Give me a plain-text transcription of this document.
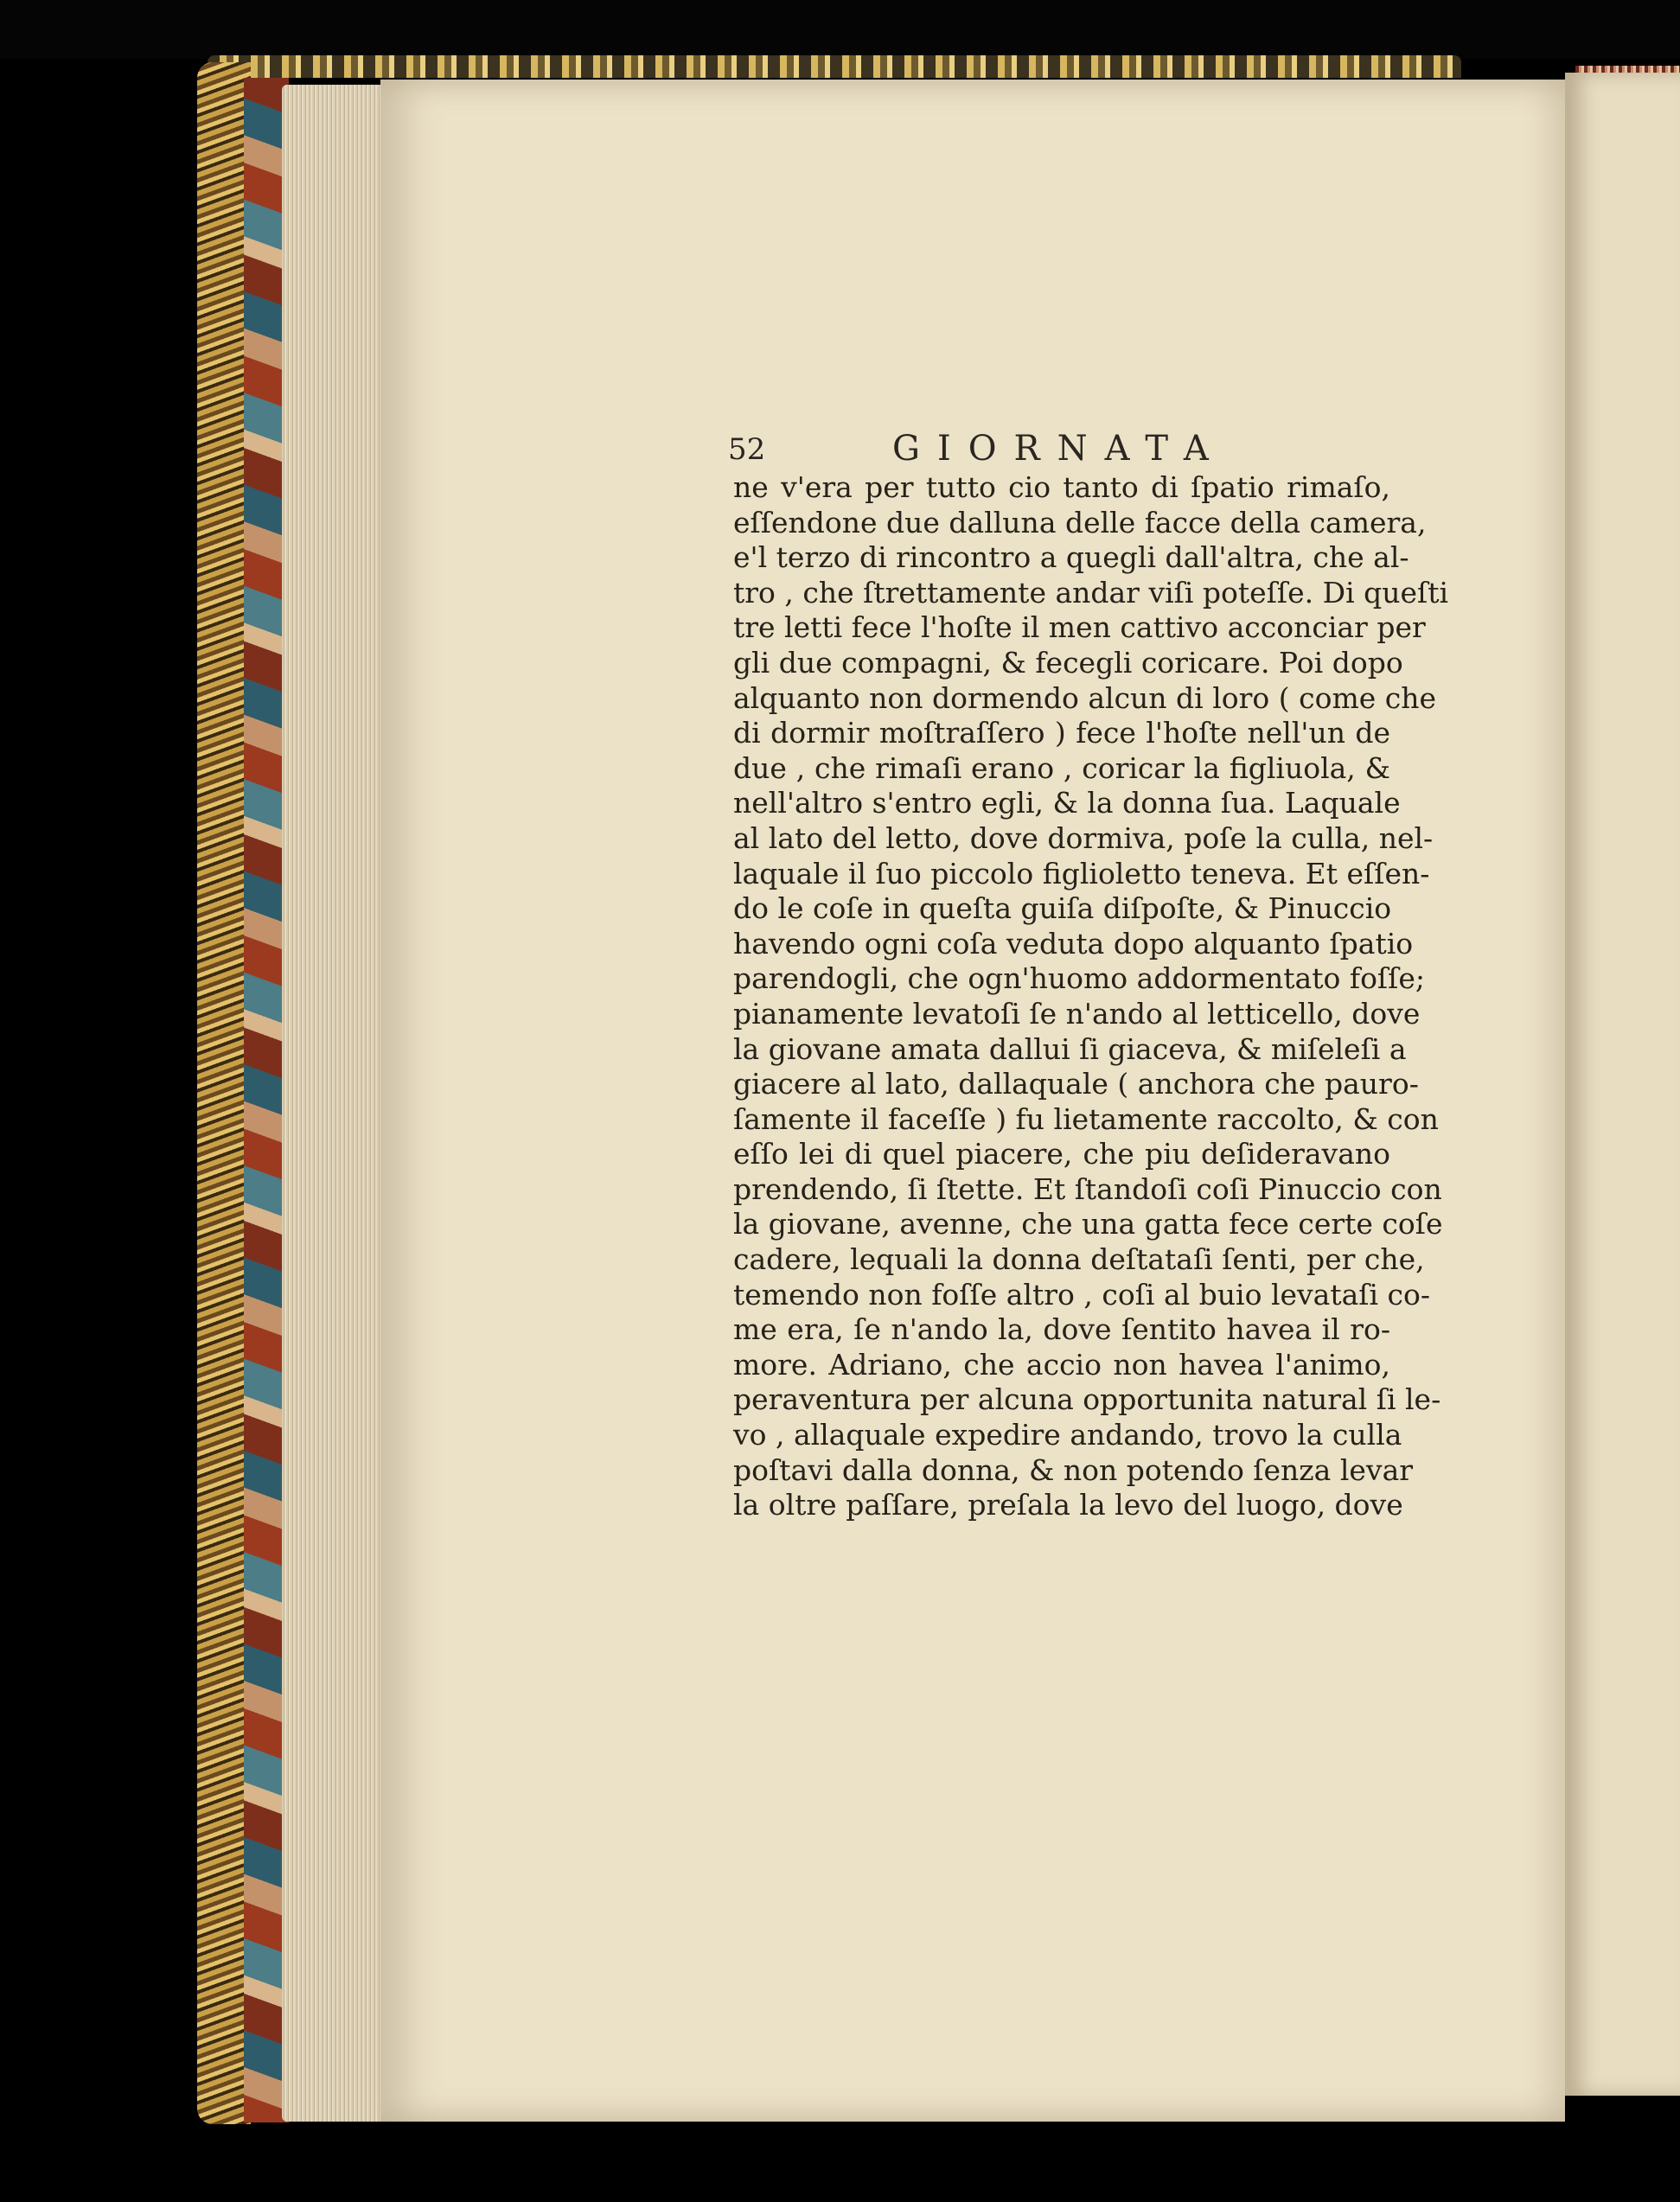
52	GIORNATA
ne v'era per tutto cio tanto di ſpatio rimaſo,
eſſendone due dalluna delle facce della camera,
e'l terzo di rincontro a quegli dall'altra, che al-
tro , che ſtrettamente andar viſi poteſſe. Di queſti
tre letti fece l'hoſte il men cattivo acconciar per
gli due compagni, & fecegli coricare. Poi dopo
alquanto non dormendo alcun di loro ( come che
di dormir moſtraſſero ) fece l'hoſte nell'un de
due , che rimaſi erano , coricar la figliuola, &
nell'altro s'entro egli, & la donna ſua. Laquale
al lato del letto, dove dormiva, poſe la culla, nel-
laquale il ſuo piccolo figlioletto teneva. Et eſſen-
do le coſe in queſta guiſa diſpoſte, & Pinuccio
havendo ogni coſa veduta dopo alquanto ſpatio
parendogli, che ogn'huomo addormentato foſſe;
pianamente levatoſi ſe n'ando al letticello, dove
la giovane amata dallui ſi giaceva, & miſeleſi a
giacere al lato, dallaquale ( anchora che pauro-
ſamente il faceſſe ) fu lietamente raccolto, & con
eſſo lei di quel piacere, che piu deſideravano
prendendo, ſi ſtette. Et ſtandoſi coſi Pinuccio con
la giovane, avenne, che una gatta fece certe coſe
cadere, lequali la donna deſtataſi ſenti, per che,
temendo non foſſe altro , coſi al buio levataſi co-
me era, ſe n'ando la, dove ſentito havea il ro-
more. Adriano, che accio non havea l'animo,
peraventura per alcuna opportunita natural ſi le-
vo , allaquale expedire andando, trovo la culla
poſtavi dalla donna, & non potendo ſenza levar
la oltre paſſare, preſala la levo del luogo, dove
